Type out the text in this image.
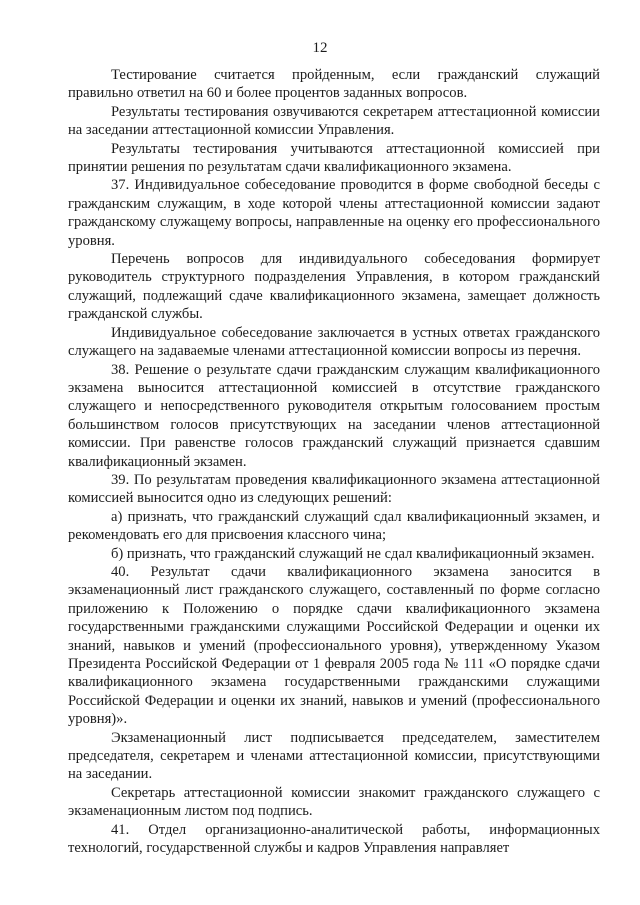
12

Тестирование считается пройденным, если гражданский служащий правильно ответил на 60 и более процентов заданных вопросов.

Результаты тестирования озвучиваются секретарем аттестационной комиссии на заседании аттестационной комиссии Управления.

Результаты тестирования учитываются аттестационной комиссией при принятии решения по результатам сдачи квалификационного экзамена.

37. Индивидуальное собеседование проводится в форме свободной беседы с гражданским служащим, в ходе которой члены аттестационной комиссии задают гражданскому служащему вопросы, направленные на оценку его профессионального уровня.

Перечень вопросов для индивидуального собеседования формирует руководитель структурного подразделения Управления, в котором гражданский служащий, подлежащий сдаче квалификационного экзамена, замещает должность гражданской службы.

Индивидуальное собеседование заключается в устных ответах гражданского служащего на задаваемые членами аттестационной комиссии вопросы из перечня.

38. Решение о результате сдачи гражданским служащим квалификационного экзамена выносится аттестационной комиссией в отсутствие гражданского служащего и непосредственного руководителя открытым голосованием простым большинством голосов присутствующих на заседании членов аттестационной комиссии. При равенстве голосов гражданский служащий признается сдавшим квалификационный экзамен.

39. По результатам проведения квалификационного экзамена аттестационной комиссией выносится одно из следующих решений:

а) признать, что гражданский служащий сдал квалификационный экзамен, и рекомендовать его для присвоения классного чина;

б) признать, что гражданский служащий не сдал квалификационный экзамен.

40. Результат сдачи квалификационного экзамена заносится в экзаменационный лист гражданского служащего, составленный по форме согласно приложению к Положению о порядке сдачи квалификационного экзамена государственными гражданскими служащими Российской Федерации и оценки их знаний, навыков и умений (профессионального уровня), утвержденному Указом Президента Российской Федерации от 1 февраля 2005 года № 111 «О порядке сдачи квалификационного экзамена государственными гражданскими служащими Российской Федерации и оценки их знаний, навыков и умений (профессионального уровня)».

Экзаменационный лист подписывается председателем, заместителем председателя, секретарем и членами аттестационной комиссии, присутствующими на заседании.

Секретарь аттестационной комиссии знакомит гражданского служащего с экзаменационным листом под подпись.

41. Отдел организационно-аналитической работы, информационных технологий, государственной службы и кадров Управления направляет
